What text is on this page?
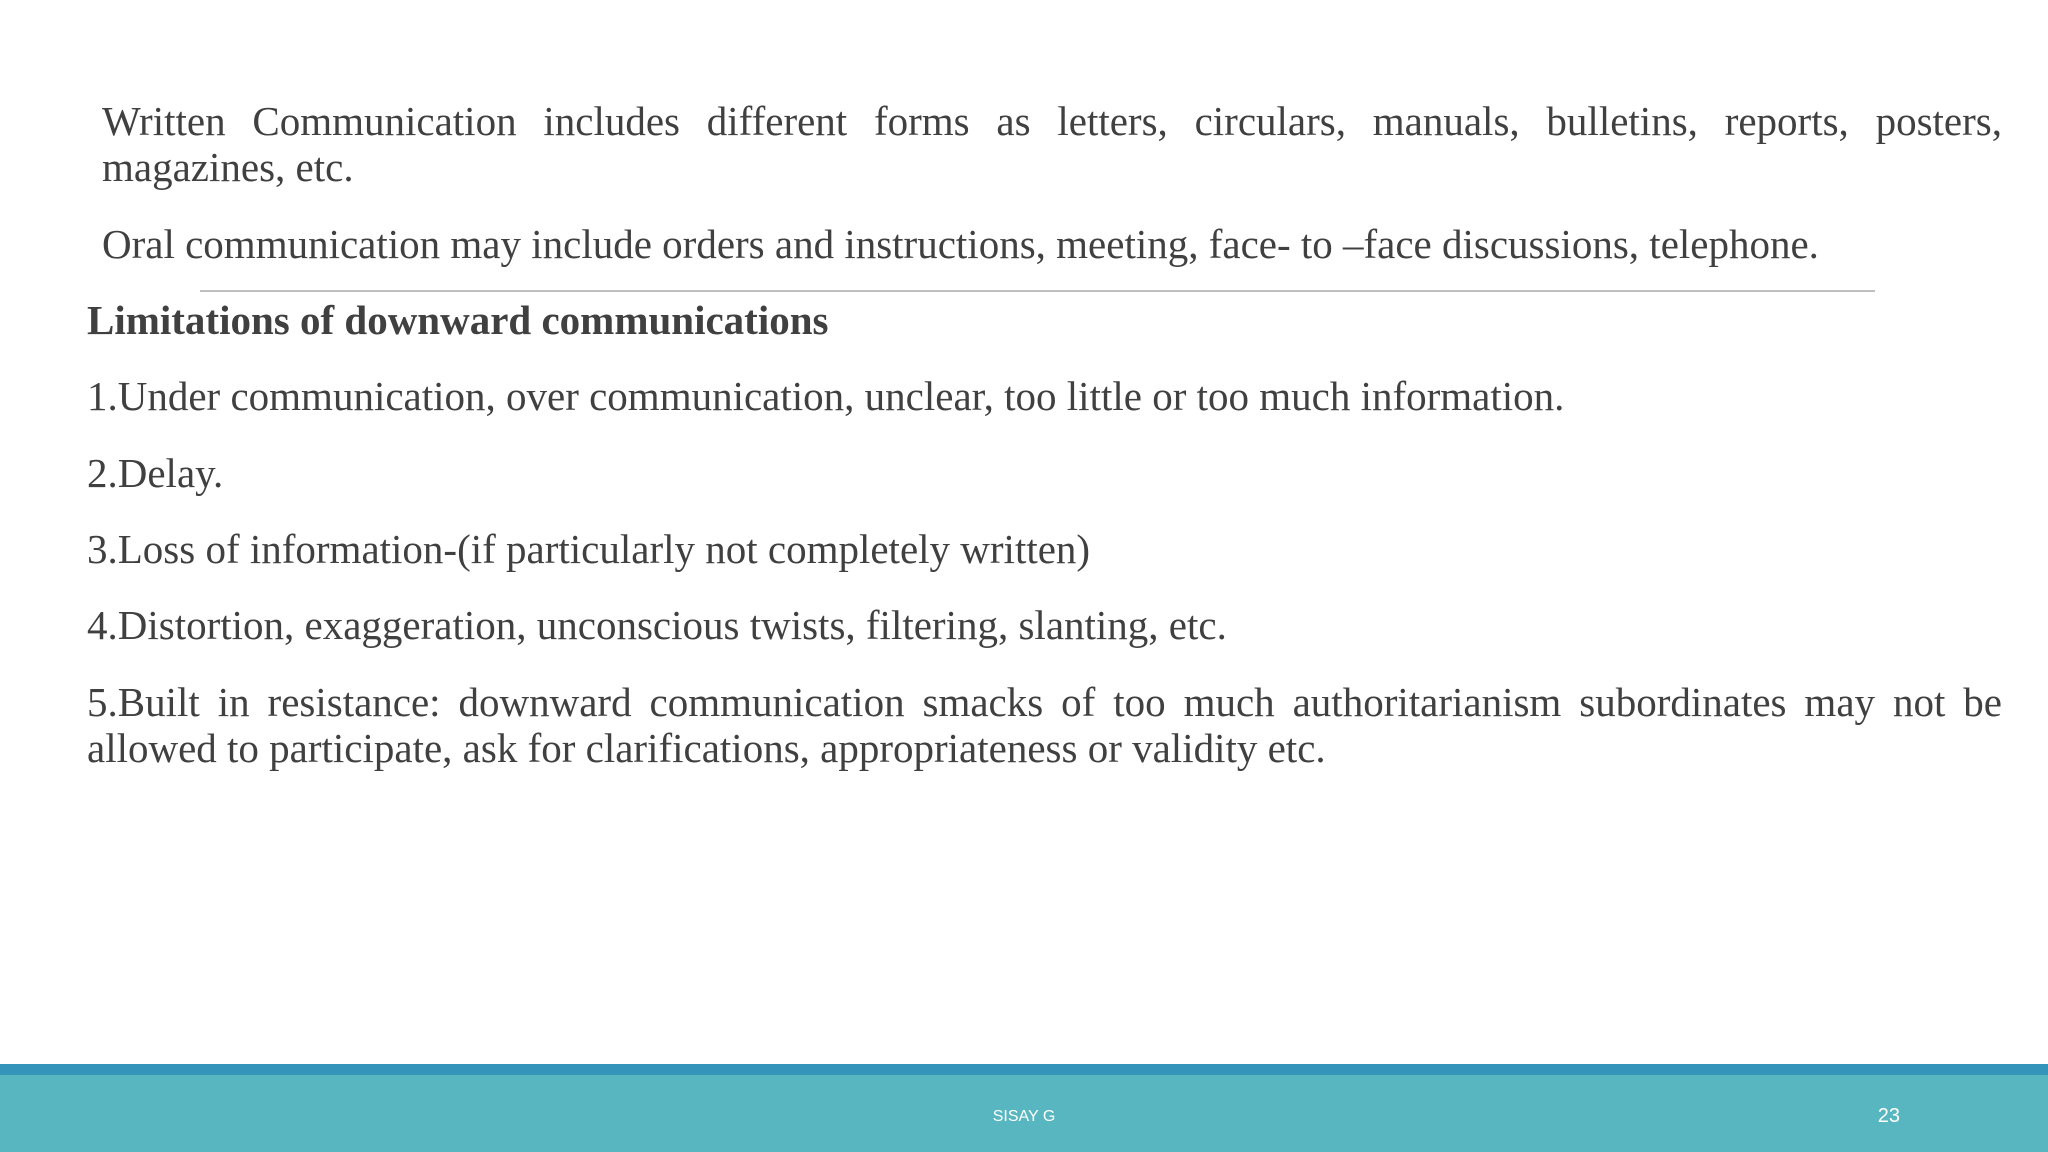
Written Communication includes different forms as letters, circulars, manuals, bulletins, reports, posters, magazines, etc.

Oral communication may include orders and instructions, meeting, face- to –face discussions, telephone.

Limitations of downward communications

1.Under communication, over communication, unclear, too little or too much information.

2.Delay.

3.Loss of information-(if particularly not completely written)

4.Distortion, exaggeration, unconscious twists, filtering, slanting, etc.

5.Built in resistance: downward communication smacks of too much authoritarianism subordinates may not be allowed to participate, ask for clarifications, appropriateness or validity etc.

SISAY G	23
